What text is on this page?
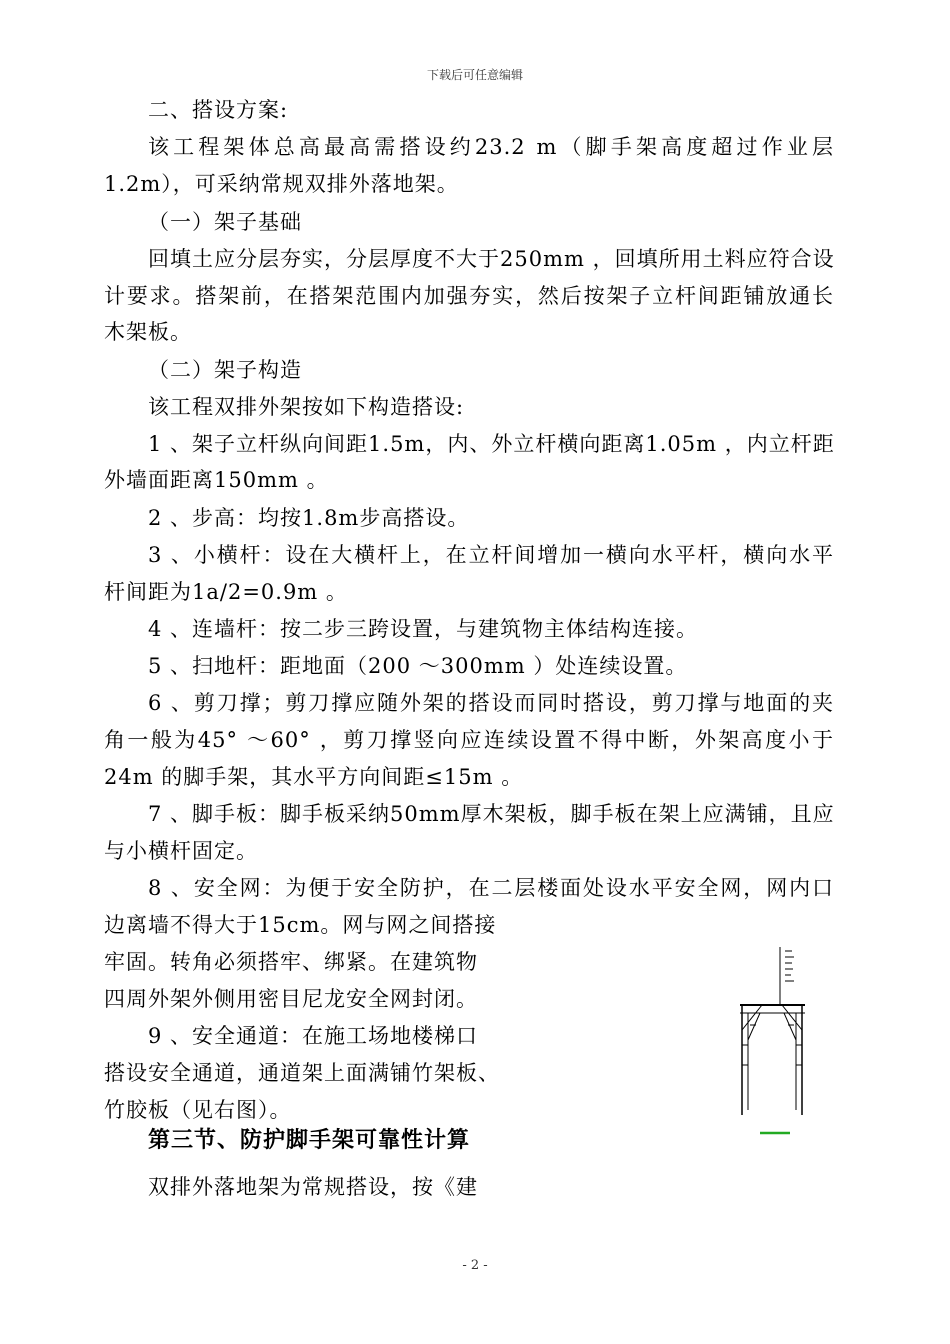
下载后可任意编辑
二、搭设方案:
该工程架体总高最高需搭设约23.2 m（脚手架高度超过作业层
1.2m），可采纳常规双排外落地架。
（一）架子基础
回填土应分层夯实，分层厚度不大于250mm ，回填所用土料应符合设
计要求。搭架前，在搭架范围内加强夯实，然后按架子立杆间距铺放通长
木架板。
（二）架子构造
该工程双排外架按如下构造搭设:
1 、架子立杆纵向间距1.5m，内、外立杆横向距离1.05m ，内立杆距
外墙面距离150mm 。
2 、步高：均按1.8m步高搭设。
3 、小横杆：设在大横杆上，在立杆间增加一横向水平杆，横向水平
杆间距为1a/2=0.9m 。
4 、连墙杆：按二步三跨设置，与建筑物主体结构连接。
5 、扫地杆：距地面（200 ～300mm ）处连续设置。
6 、剪刀撑；剪刀撑应随外架的搭设而同时搭设，剪刀撑与地面的夹
角一般为45° ～60° ，剪刀撑竖向应连续设置不得中断，外架高度小于
24m 的脚手架，其水平方向间距≤15m 。
7 、脚手板：脚手板采纳50mm厚木架板，脚手板在架上应满铺，且应
与小横杆固定。
8 、安全网：为便于安全防护，在二层楼面处设水平安全网，网内口
边离墙不得大于15cm。网与网之间搭接
牢固。转角必须搭牢、绑紧。在建筑物
四周外架外侧用密目尼龙安全网封闭。
9 、安全通道：在施工场地楼梯口
搭设安全通道，通道架上面满铺竹架板、
竹胶板（见右图）。
第三节、防护脚手架可靠性计算
双排外落地架为常规搭设，按《建
- 2 -
